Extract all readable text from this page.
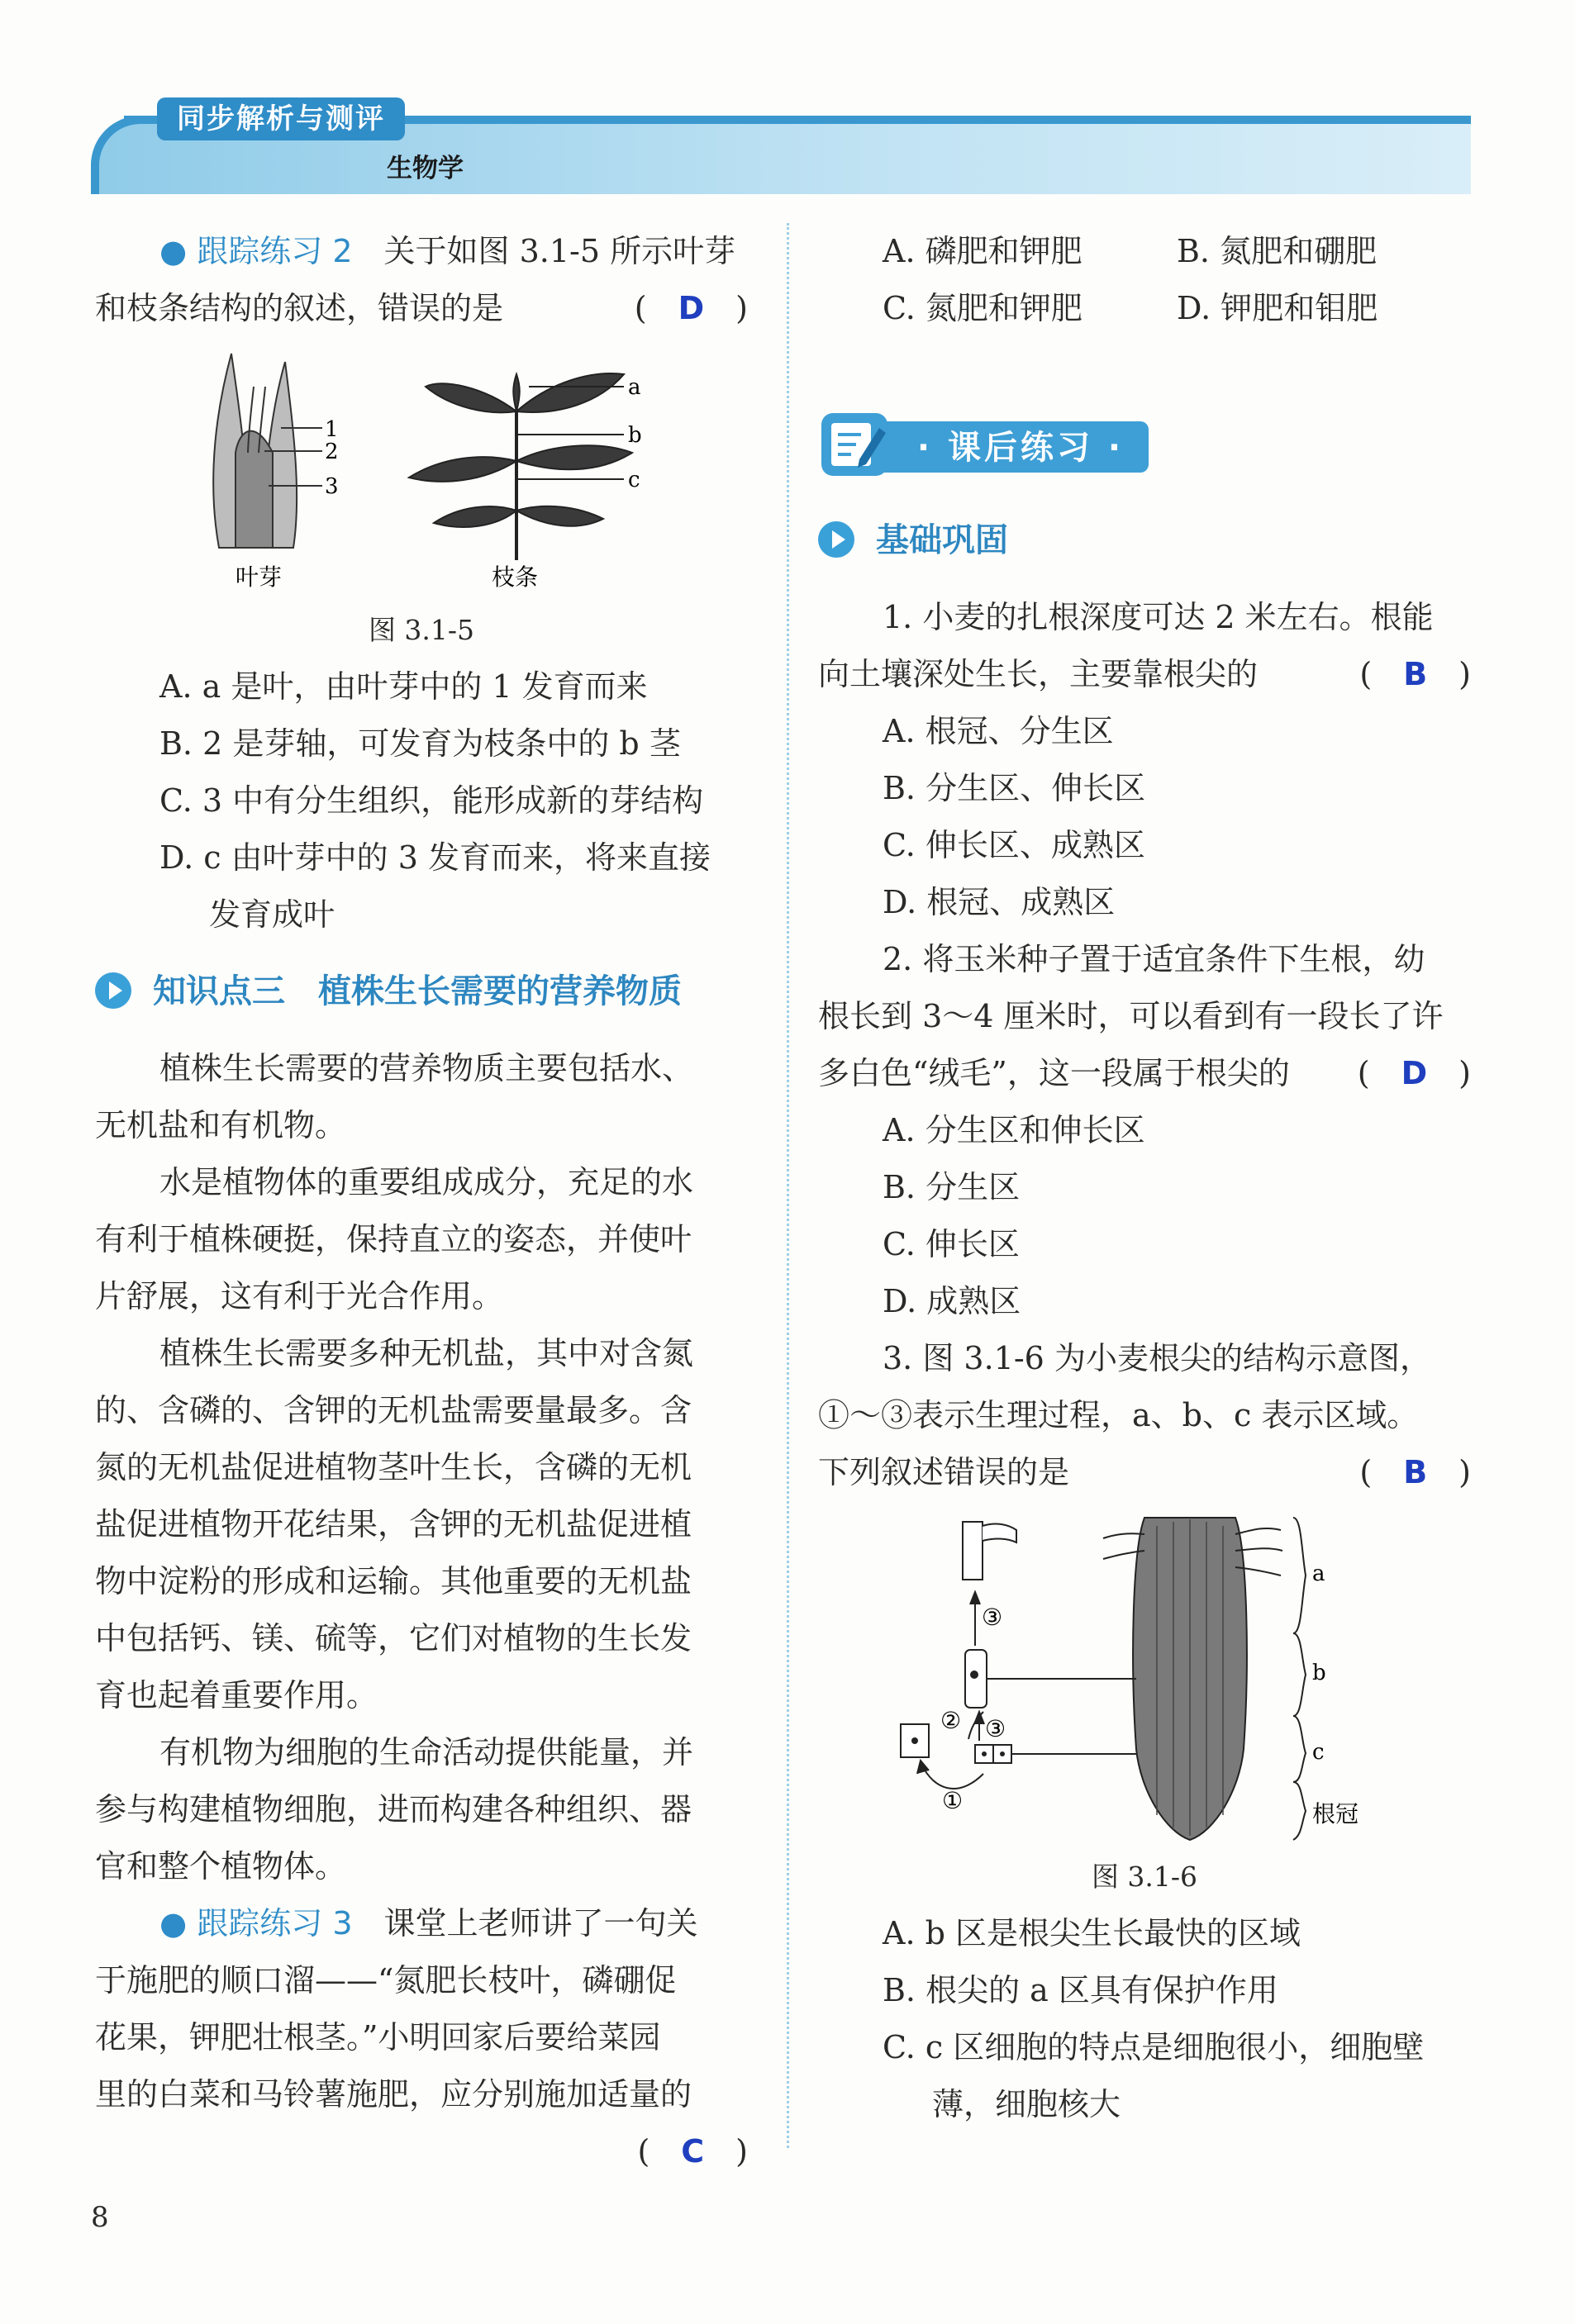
同步解析与测评
生物学

● 跟踪练习 2　 关于如图 3.1-5 所示叶芽

和枝条结构的叙述，错误的是	(　D　)

1
2
3
叶芽
a
b
c
枝条

图 3.1-5

A. a 是叶，由叶芽中的 1 发育而来

B. 2 是芽轴，可发育为枝条中的 b 茎

C. 3 中有分生组织，能形成新的芽结构

D. c 由叶芽中的 3 发育而来，将来直接

发育成叶

知识点三　植株生长需要的营养物质

植株生长需要的营养物质主要包括水、

无机盐和有机物。

水是植物体的重要组成成分，充足的水

有利于植株硬挺，保持直立的姿态，并使叶

片舒展，这有利于光合作用。

植株生长需要多种无机盐，其中对含氮

的、含磷的、含钾的无机盐需要量最多。含

氮的无机盐促进植物茎叶生长，含磷的无机

盐促进植物开花结果，含钾的无机盐促进植

物中淀粉的形成和运输。其他重要的无机盐

中包括钙、镁、硫等，它们对植物的生长发

育也起着重要作用。

有机物为细胞的生命活动提供能量，并

参与构建植物细胞，进而构建各种组织、器

官和整个植物体。

● 跟踪练习 3　 课堂上老师讲了一句关

于施肥的顺口溜——“氮肥长枝叶，磷硼促

花果，钾肥壮根茎。”小明回家后要给菜园

里的白菜和马铃薯施肥，应分别施加适量的

(　C　)

A. 磷肥和钾肥	B. 氮肥和硼肥

C. 氮肥和钾肥	D. 钾肥和钼肥

· 课后练习 ·

基础巩固

1. 小麦的扎根深度可达 2 米左右。根能

向土壤深处生长，主要靠根尖的	(　B　)

A. 根冠、分生区

B. 分生区、伸长区

C. 伸长区、成熟区

D. 根冠、成熟区

2. 将玉米种子置于适宜条件下生根，幼

根长到 3～4 厘米时，可以看到有一段长了许

多白色“绒毛”，这一段属于根尖的 (　D　)

A. 分生区和伸长区

B. 分生区

C. 伸长区

D. 成熟区

3. 图 3.1-6 为小麦根尖的结构示意图，

①～③表示生理过程，a、b、c 表示区域。

下列叙述错误的是	(　B　)

a
b
c
根冠
③
② ③
①

图 3.1-6

A. b 区是根尖生长最快的区域

B. 根尖的 a 区具有保护作用

C. c 区细胞的特点是细胞很小，细胞壁

薄，细胞核大

8
